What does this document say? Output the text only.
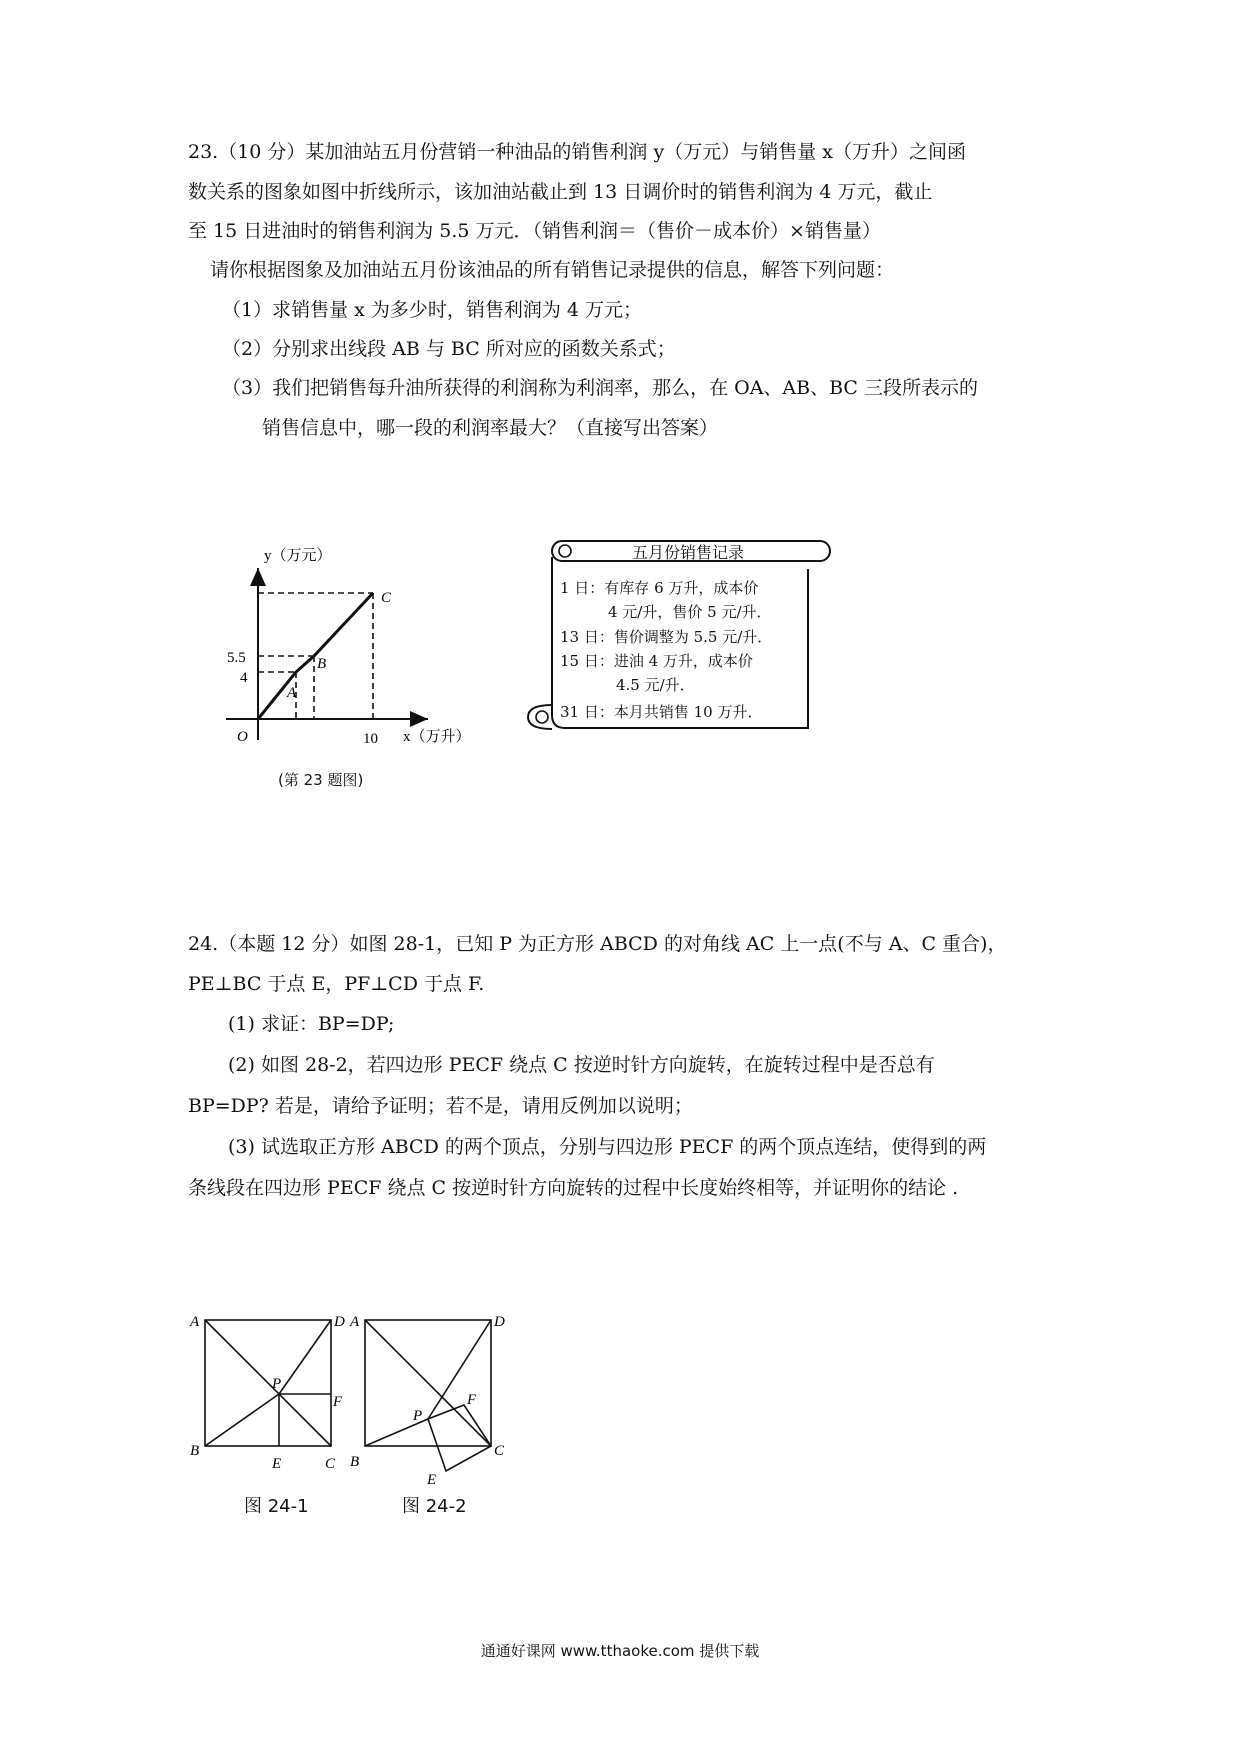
23.（10 分）某加油站五月份营销一种油品的销售利润 y（万元）与销售量 x（万升）之间函
数关系的图象如图中折线所示，该加油站截止到 13 日调价时的销售利润为 4 万元，截止
至 15 日进油时的销售利润为 5.5 万元．（销售利润＝（售价－成本价）×销售量）
请你根据图象及加油站五月份该油品的所有销售记录提供的信息，解答下列问题：
（1）求销售量 x 为多少时，销售利润为 4 万元；
（2）分别求出线段 AB 与 BC 所对应的函数关系式；
（3）我们把销售每升油所获得的利润称为利润率，那么，在 OA、AB、BC 三段所表示的
销售信息中，哪一段的利润率最大？（直接写出答案）
y（万元）
x（万升）
5.5
4
10
O
A
B
C
(第 23 题图)
五月份销售记录
1 日：有库存 6 万升，成本价
4 元/升，售价 5 元/升．
13 日：售价调整为 5.5 元/升．
15 日：进油 4 万升，成本价
4.5 元/升．
31 日：本月共销售 10 万升．
24.（本题 12 分）如图 28-1，已知 P 为正方形 ABCD 的对角线 AC 上一点(不与 A、C 重合)，
PE⊥BC 于点 E，PF⊥CD 于点 F.
(1) 求证：BP=DP;
(2) 如图 28-2，若四边形 PECF 绕点 C 按逆时针方向旋转，在旋转过程中是否总有
BP=DP? 若是，请给予证明；若不是，请用反例加以说明；
(3) 试选取正方形 ABCD 的两个顶点，分别与四边形 PECF 的两个顶点连结，使得到的两
条线段在四边形 PECF 绕点 C 按逆时针方向旋转的过程中长度始终相等，并证明你的结论 .
A	D
B
C
P
E
F
图 24-1
A	D
B
C
P
E
F
图 24-2
通通好课网 www.tthaoke.com 提供下载
